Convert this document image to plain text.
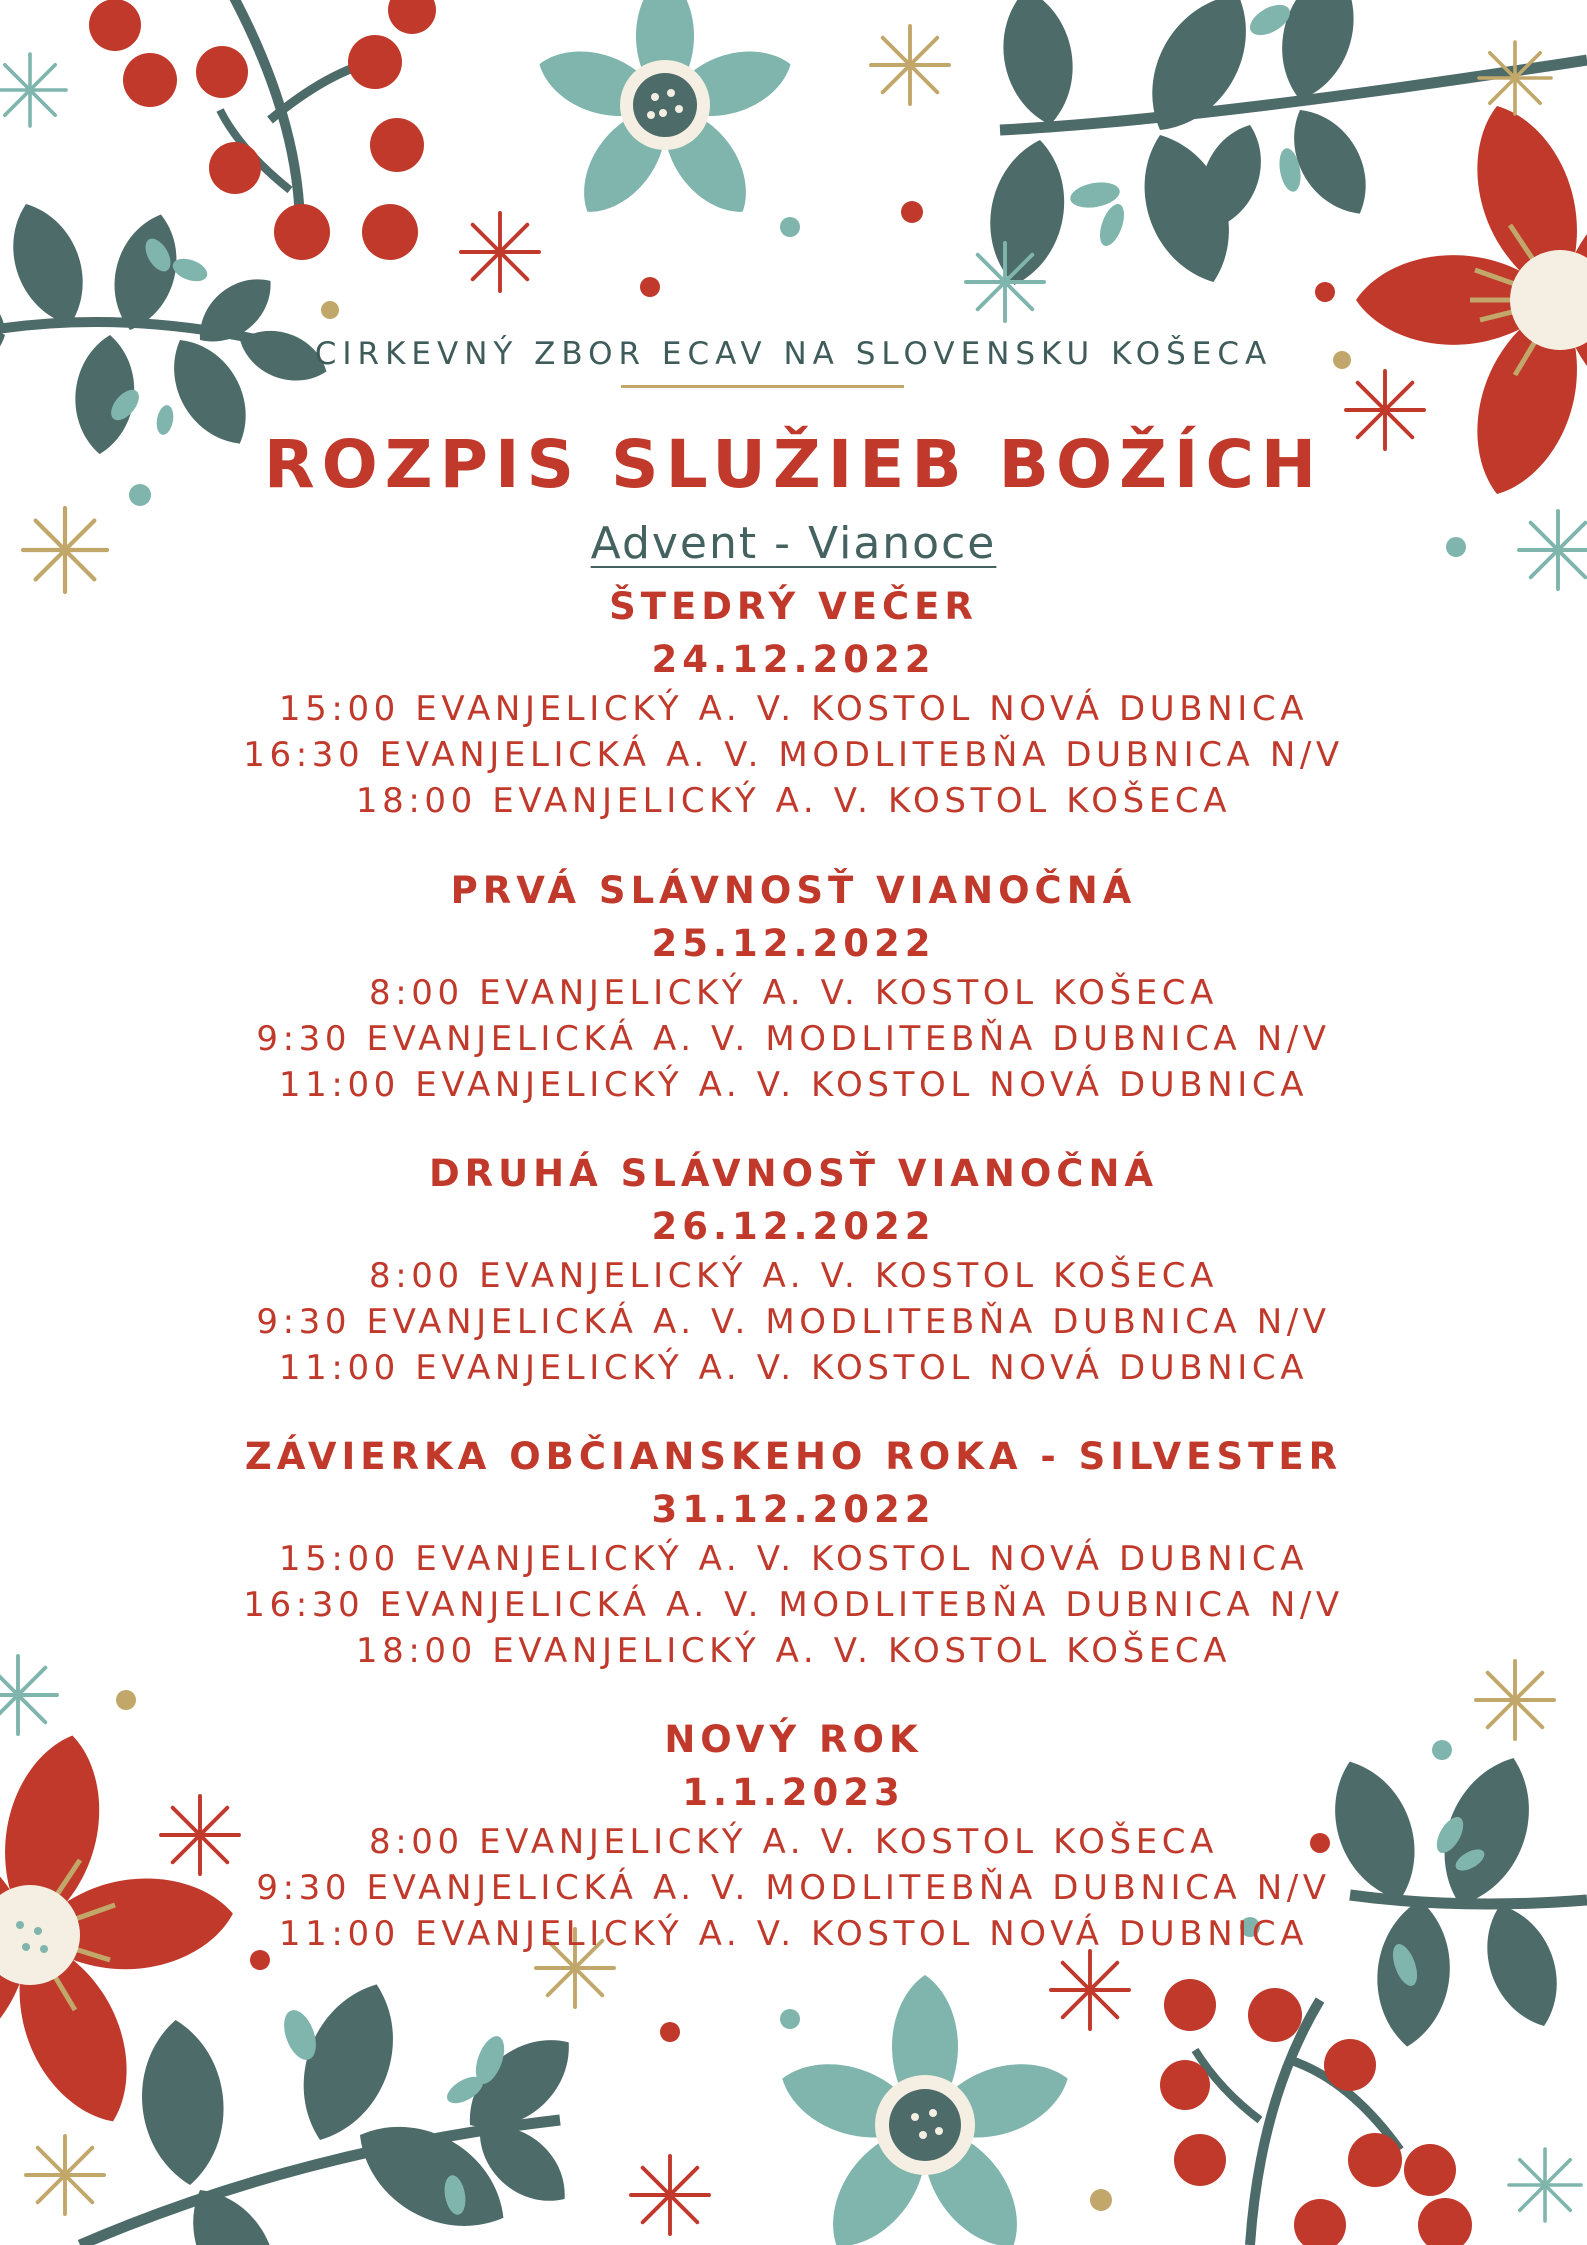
CIRKEVNÝ ZBOR ECAV NA SLOVENSKU KOŠECA
ROZPIS SLUŽIEB BOŽÍCH
Advent - Vianoce
ŠTEDRÝ VEČER
24.12.2022
15:00 EVANJELICKÝ A. V. KOSTOL NOVÁ DUBNICA
16:30 EVANJELICKÁ A. V. MODLITEBŇA DUBNICA N/V
18:00 EVANJELICKÝ A. V. KOSTOL KOŠECA
PRVÁ SLÁVNOSŤ VIANOČNÁ
25.12.2022
8:00 EVANJELICKÝ A. V. KOSTOL KOŠECA
9:30 EVANJELICKÁ A. V. MODLITEBŇA DUBNICA N/V
11:00 EVANJELICKÝ A. V. KOSTOL NOVÁ DUBNICA
DRUHÁ SLÁVNOSŤ VIANOČNÁ
26.12.2022
8:00 EVANJELICKÝ A. V. KOSTOL KOŠECA
9:30 EVANJELICKÁ A. V. MODLITEBŇA DUBNICA N/V
11:00 EVANJELICKÝ A. V. KOSTOL NOVÁ DUBNICA
ZÁVIERKA OBČIANSKEHO ROKA - SILVESTER
31.12.2022
15:00 EVANJELICKÝ A. V. KOSTOL NOVÁ DUBNICA
16:30 EVANJELICKÁ A. V. MODLITEBŇA DUBNICA N/V
18:00 EVANJELICKÝ A. V. KOSTOL KOŠECA
NOVÝ ROK
1.1.2023
8:00 EVANJELICKÝ A. V. KOSTOL KOŠECA
9:30 EVANJELICKÁ A. V. MODLITEBŇA DUBNICA N/V
11:00 EVANJELICKÝ A. V. KOSTOL NOVÁ DUBNICA
